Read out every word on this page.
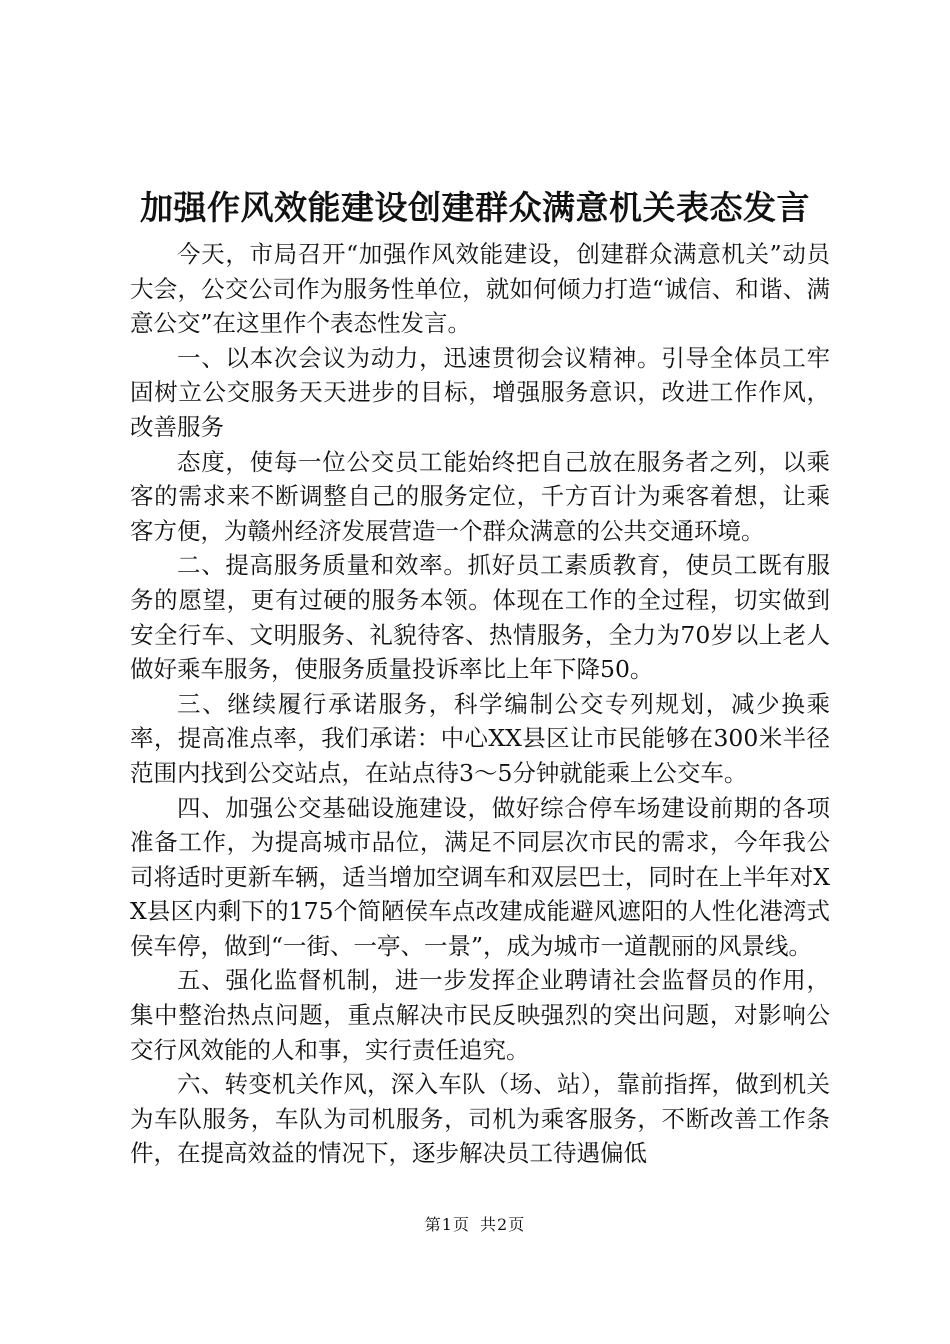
加强作风效能建设创建群众满意机关表态发言

今天，市局召开“加强作风效能建设，创建群众满意机关”动员大会，公交公司作为服务性单位，就如何倾力打造“诚信、和谐、满意公交”在这里作个表态性发言。

一、以本次会议为动力，迅速贯彻会议精神。引导全体员工牢固树立公交服务天天进步的目标，增强服务意识，改进工作作风，改善服务

态度，使每一位公交员工能始终把自己放在服务者之列，以乘客的需求来不断调整自己的服务定位，千方百计为乘客着想，让乘客方便，为赣州经济发展营造一个群众满意的公共交通环境。

二、提高服务质量和效率。抓好员工素质教育，使员工既有服务的愿望，更有过硬的服务本领。体现在工作的全过程，切实做到安全行车、文明服务、礼貌待客、热情服务，全力为70岁以上老人做好乘车服务，使服务质量投诉率比上年下降50。

三、继续履行承诺服务，科学编制公交专列规划，减少换乘率，提高准点率，我们承诺：中心XX县区让市民能够在300米半径范围内找到公交站点，在站点待3～5分钟就能乘上公交车。

四、加强公交基础设施建设，做好综合停车场建设前期的各项准备工作，为提高城市品位，满足不同层次市民的需求，今年我公司将适时更新车辆，适当增加空调车和双层巴士，同时在上半年对XX县区内剩下的175个简陋侯车点改建成能避风遮阳的人性化港湾式侯车停，做到“一街、一亭、一景”，成为城市一道靓丽的风景线。

五、强化监督机制，进一步发挥企业聘请社会监督员的作用，集中整治热点问题，重点解决市民反映强烈的突出问题，对影响公交行风效能的人和事，实行责任追究。

六、转变机关作风，深入车队（场、站），靠前指挥，做到机关为车队服务，车队为司机服务，司机为乘客服务，不断改善工作条件，在提高效益的情况下，逐步解决员工待遇偏低

第1页 共2页
